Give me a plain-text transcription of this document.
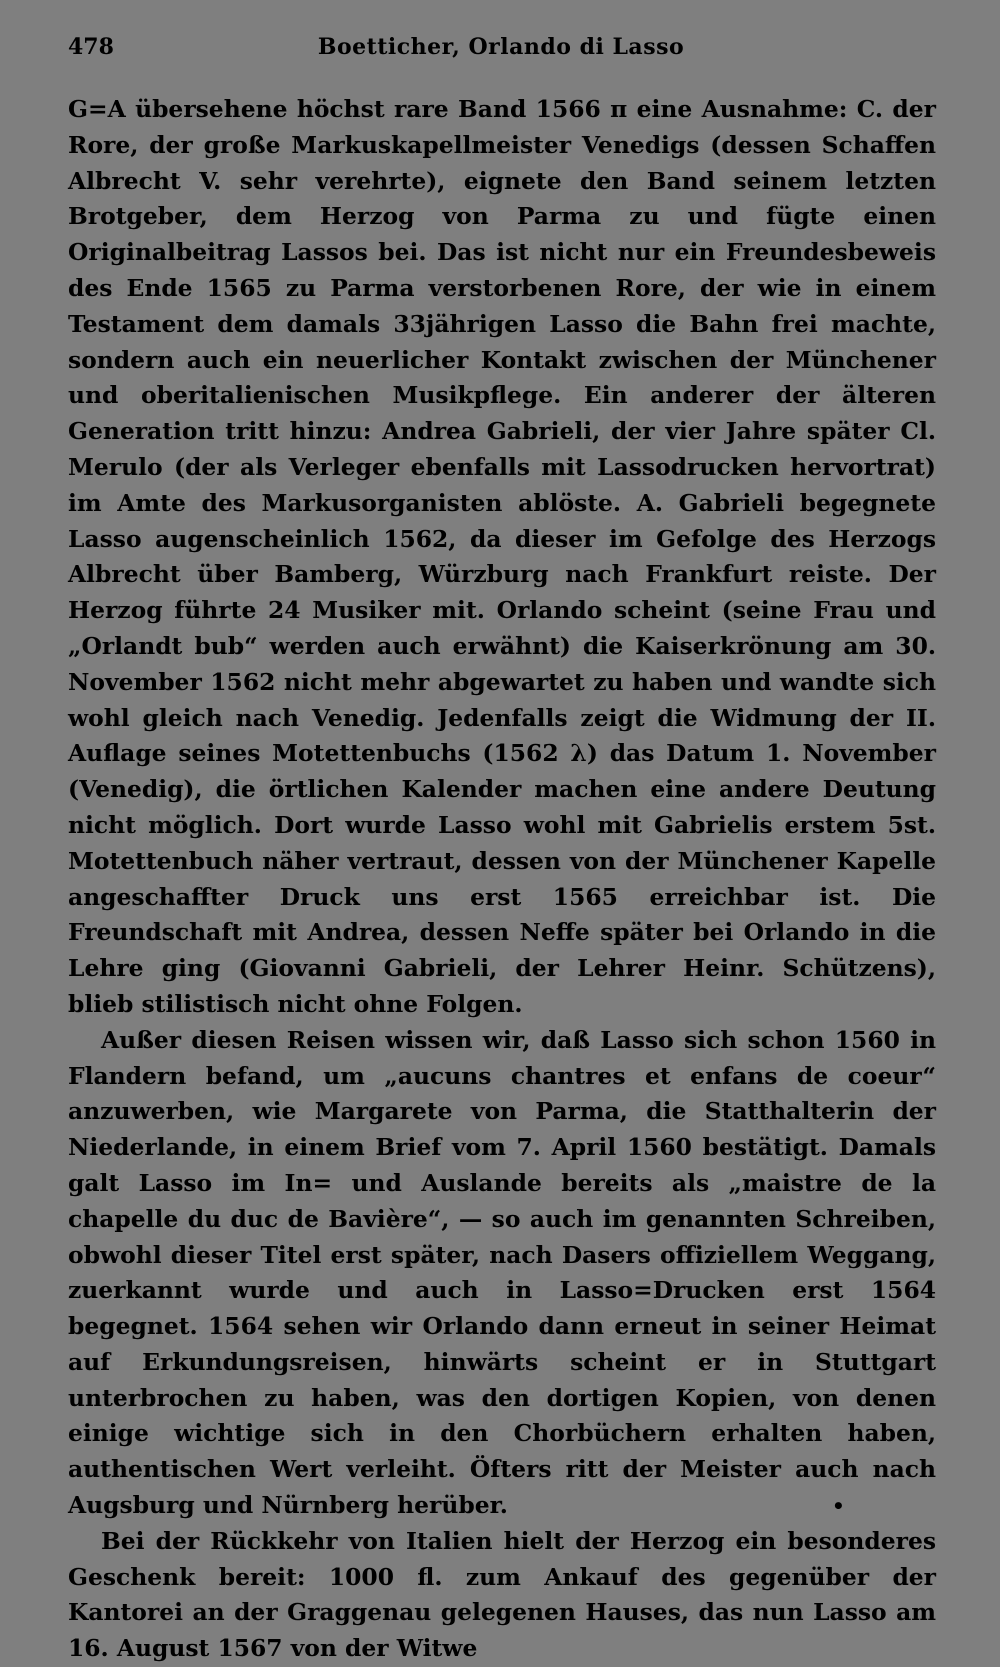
478	Boetticher, Orlando di Lasso

G=A übersehene höchst rare Band 1566 π eine Ausnahme: C. der Rore, der große Markuskapellmeister Venedigs (dessen Schaffen Albrecht V. sehr verehrte), eignete den Band seinem letzten Brotgeber, dem Herzog von Parma zu und fügte einen Originalbeitrag Lassos bei. Das ist nicht nur ein Freundesbeweis des Ende 1565 zu Parma verstorbenen Rore, der wie in einem Testament dem damals 33jährigen Lasso die Bahn frei machte, sondern auch ein neuerlicher Kontakt zwischen der Münchener und oberitalienischen Musikpflege. Ein anderer der älteren Generation tritt hinzu: Andrea Gabrieli, der vier Jahre später Cl. Merulo (der als Verleger ebenfalls mit Lassodrucken hervortrat) im Amte des Markusorganisten ablöste. A. Gabrieli begegnete Lasso augenscheinlich 1562, da dieser im Gefolge des Herzogs Albrecht über Bamberg, Würzburg nach Frankfurt reiste. Der Herzog führte 24 Musiker mit. Orlando scheint (seine Frau und „Orlandt bub“ werden auch erwähnt) die Kaiserkrönung am 30. November 1562 nicht mehr abgewartet zu haben und wandte sich wohl gleich nach Venedig. Jedenfalls zeigt die Widmung der II. Auflage seines Motettenbuchs (1562 λ) das Datum 1. November (Venedig), die örtlichen Kalender machen eine andere Deutung nicht möglich. Dort wurde Lasso wohl mit Gabrielis erstem 5st. Motettenbuch näher vertraut, dessen von der Münchener Kapelle angeschaffter Druck uns erst 1565 erreichbar ist. Die Freundschaft mit Andrea, dessen Neffe später bei Orlando in die Lehre ging (Giovanni Gabrieli, der Lehrer Heinr. Schützens), blieb stilistisch nicht ohne Folgen.

Außer diesen Reisen wissen wir, daß Lasso sich schon 1560 in Flandern befand, um „aucuns chantres et enfans de coeur“ anzuwerben, wie Margarete von Parma, die Statthalterin der Niederlande, in einem Brief vom 7. April 1560 bestätigt. Damals galt Lasso im In= und Auslande bereits als „maistre de la chapelle du duc de Bavière“, — so auch im genannten Schreiben, obwohl dieser Titel erst später, nach Dasers offiziellem Weggang, zuerkannt wurde und auch in Lasso=Drucken erst 1564 begegnet. 1564 sehen wir Orlando dann erneut in seiner Heimat auf Erkundungsreisen, hinwärts scheint er in Stuttgart unterbrochen zu haben, was den dortigen Kopien, von denen einige wichtige sich in den Chorbüchern erhalten haben, authentischen Wert verleiht. Öfters ritt der Meister auch nach Augsburg und Nürnberg herüber.

Bei der Rückkehr von Italien hielt der Herzog ein besonderes Geschenk bereit: 1000 fl. zum Ankauf des gegenüber der Kantorei an der Graggenau gelegenen Hauses, das nun Lasso am 16. August 1567 von der Witwe

•
